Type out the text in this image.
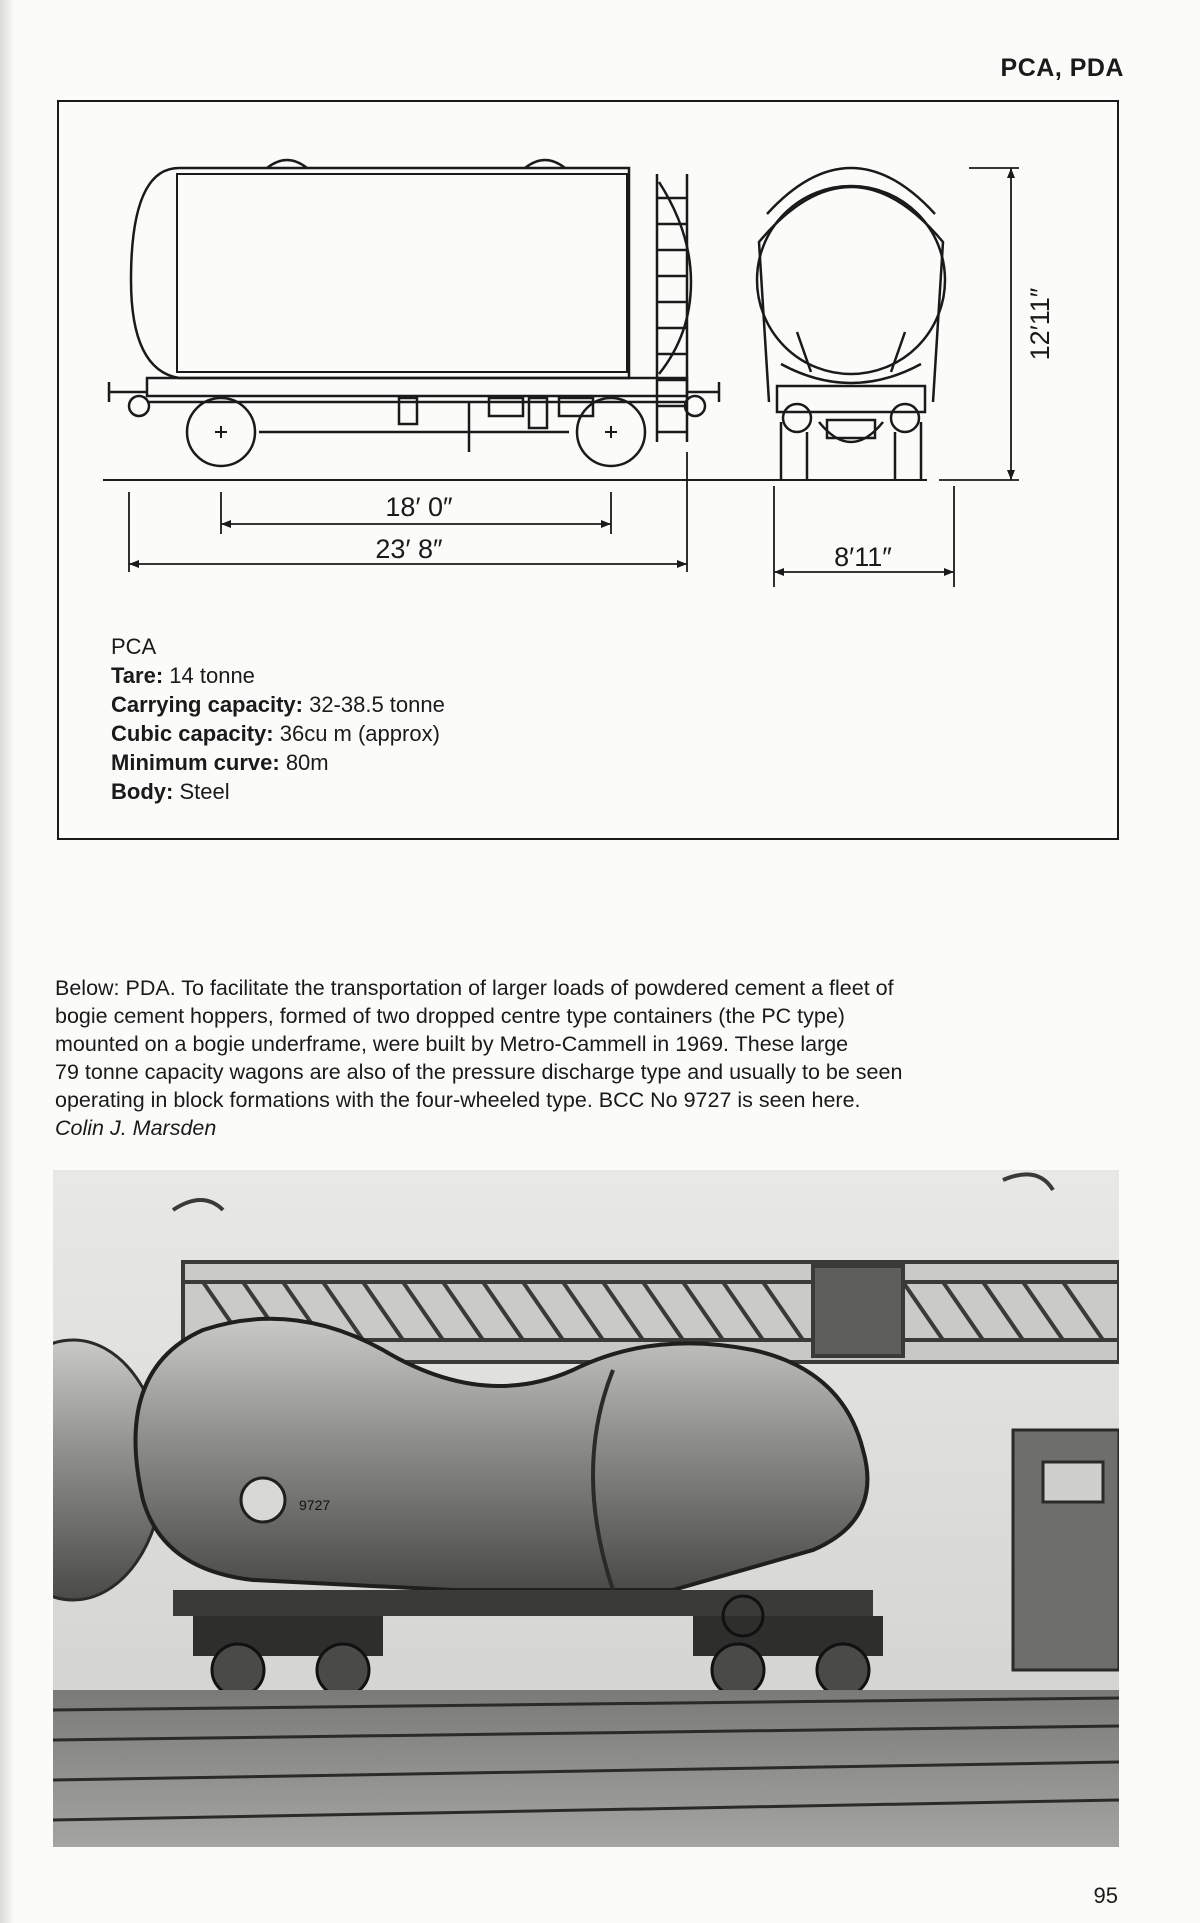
PCA, PDA
18′ 0″
23′ 8″	8′11″
12′11″
PCA
Tare: 14 tonne
Carrying capacity: 32-38.5 tonne
Cubic capacity: 36cu m (approx)
Minimum curve: 80m
Body: Steel

Below: PDA. To facilitate the transportation of larger loads of powdered cement a fleet of

bogie cement hoppers, formed of two dropped centre type containers (the PC type)

mounted on a bogie underframe, were built by Metro-Cammell in 1969. These large

79 tonne capacity wagons are also of the pressure discharge type and usually to be seen

operating in block formations with the four-wheeled type. BCC No 9727 is seen here.

Colin J. Marsden

9727
95
